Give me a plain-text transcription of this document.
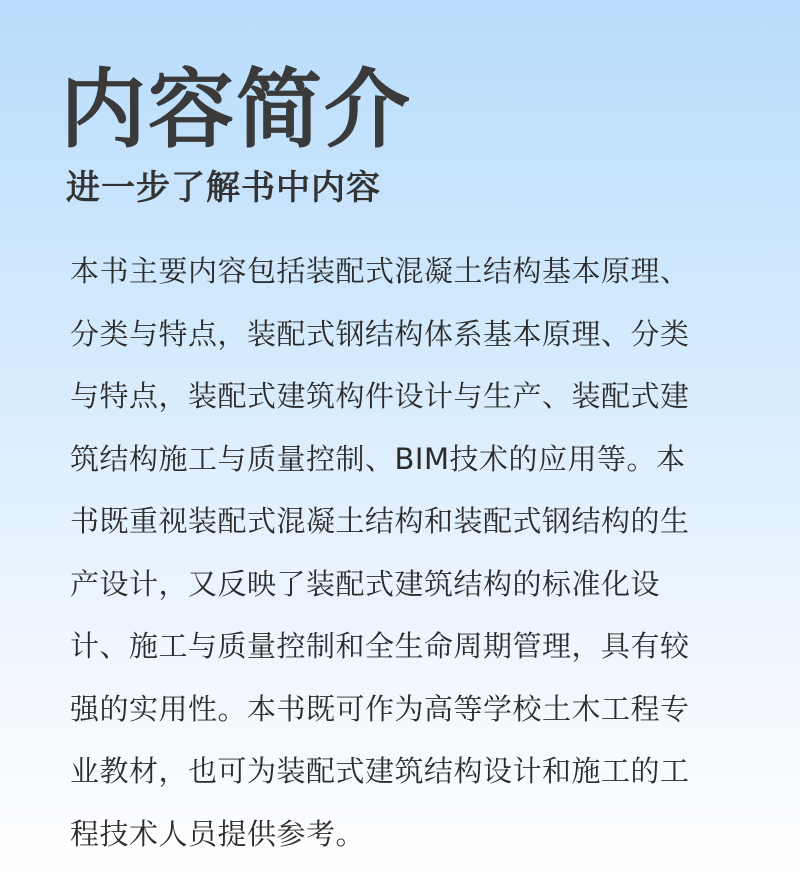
内容简介
进一步了解书中内容
本书主要内容包括装配式混凝土结构基本原理、
分类与特点，装配式钢结构体系基本原理、分类
与特点，装配式建筑构件设计与生产、装配式建
筑结构施工与质量控制、BIM技术的应用等。本
书既重视装配式混凝土结构和装配式钢结构的生
产设计，又反映了装配式建筑结构的标准化设
计、施工与质量控制和全生命周期管理，具有较
强的实用性。本书既可作为高等学校土木工程专
业教材，也可为装配式建筑结构设计和施工的工
程技术人员提供参考。
